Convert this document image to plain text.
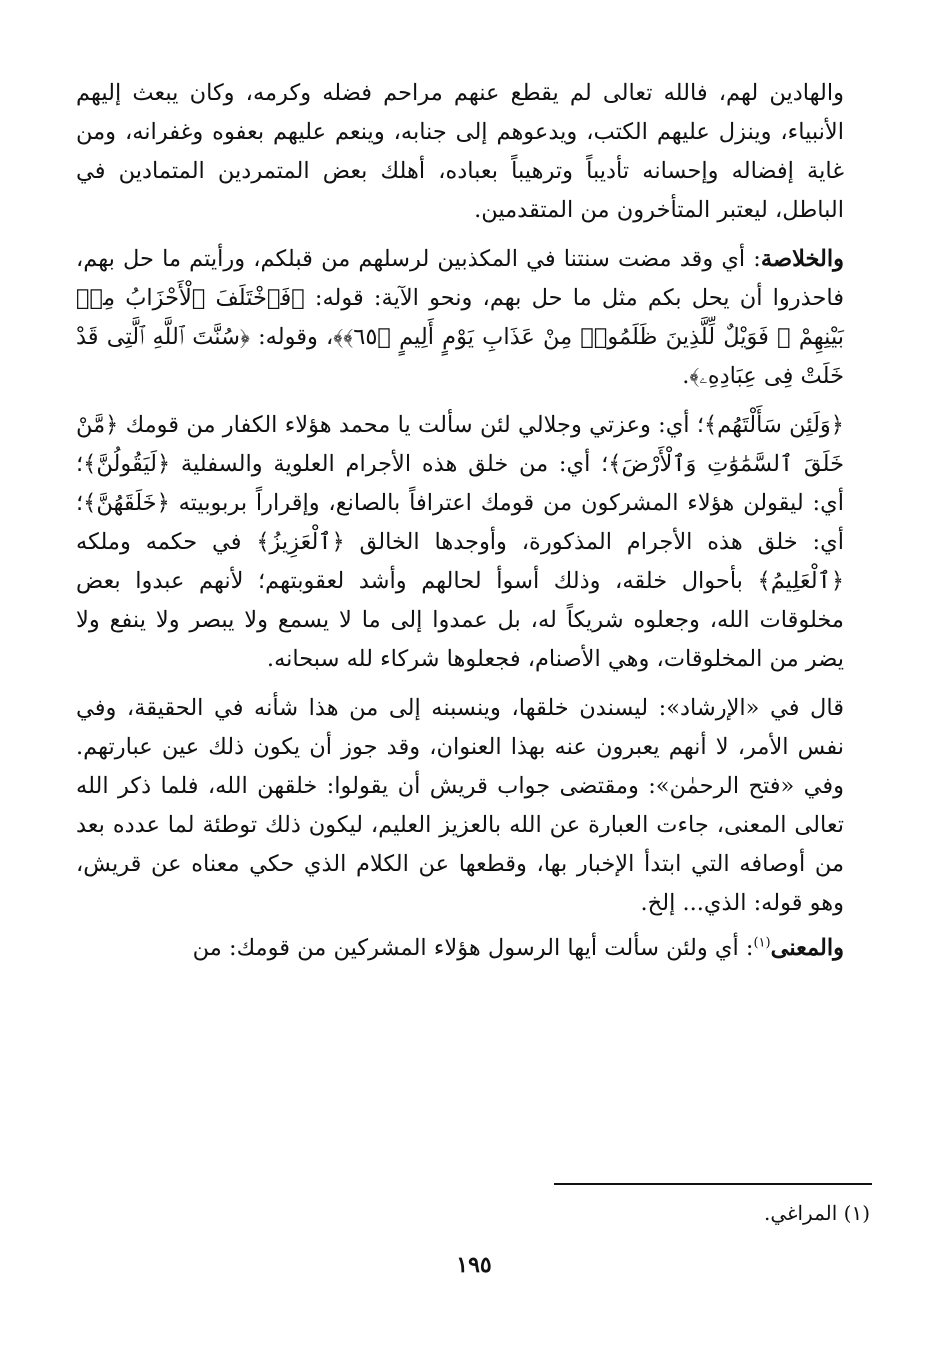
والهادين لهم، فالله تعالى لم يقطع عنهم مراحم فضله وكرمه، وكان يبعث إليهم الأنبياء، وينزل عليهم الكتب، ويدعوهم إلى جنابه، وينعم عليهم بعفوه وغفرانه، ومن غاية إفضاله وإحسانه تأديباً وترهيباً بعباده، أهلك بعض المتمردين المتمادين في الباطل، ليعتبر المتأخرون من المتقدمين.

والخلاصة: أي وقد مضت سنتنا في المكذبين لرسلهم من قبلكم، ورأيتم ما حل بهم، فاحذروا أن يحل بكم مثل ما حل بهم، ونحو الآية: قوله: ﴿فَٱخْتَلَفَ ٱلْأَحْزَابُ مِنۢ بَيْنِهِمْ ۖ فَوَيْلٌ لِّلَّذِينَ ظَلَمُوا۟ مِنْ عَذَابِ يَوْمٍ أَلِيمٍ ﴿٦٥﴾﴾، وقوله: ﴿سُنَّتَ ٱللَّهِ ٱلَّتِى قَدْ خَلَتْ فِى عِبَادِهِۦ﴾.

﴿وَلَئِن سَأَلْتَهُم﴾؛ أي: وعزتي وجلالي لئن سألت يا محمد هؤلاء الكفار من قومك ﴿مَّنْ خَلَقَ ٱلسَّمَٰوَٰتِ وَٱلْأَرْضَ﴾؛ أي: من خلق هذه الأجرام العلوية والسفلية ﴿لَيَقُولُنَّ﴾؛ أي: ليقولن هؤلاء المشركون من قومك اعترافاً بالصانع، وإقراراً بربوبيته ﴿خَلَقَهُنَّ﴾؛ أي: خلق هذه الأجرام المذكورة، وأوجدها الخالق ﴿ٱلْعَزِيزُ﴾ في حكمه وملكه ﴿ٱلْعَلِيمُ﴾ بأحوال خلقه، وذلك أسوأ لحالهم وأشد لعقوبتهم؛ لأنهم عبدوا بعض مخلوقات الله، وجعلوه شريكاً له، بل عمدوا إلى ما لا يسمع ولا يبصر ولا ينفع ولا يضر من المخلوقات، وهي الأصنام، فجعلوها شركاء لله سبحانه.

قال في «الإرشاد»: ليسندن خلقها، وينسبنه إلى من هذا شأنه في الحقيقة، وفي نفس الأمر، لا أنهم يعبرون عنه بهذا العنوان، وقد جوز أن يكون ذلك عين عبارتهم. وفي «فتح الرحمٰن»: ومقتضى جواب قريش أن يقولوا: خلقهن الله، فلما ذكر الله تعالى المعنى، جاءت العبارة عن الله بالعزيز العليم، ليكون ذلك توطئة لما عدده بعد من أوصافه التي ابتدأ الإخبار بها، وقطعها عن الكلام الذي حكي معناه عن قريش، وهو قوله: الذي... إلخ.

والمعنى$^{(١)}$: أي ولئن سألت أيها الرسول هؤلاء المشركين من قومك: من

(١) المراغي.

١٩٥
